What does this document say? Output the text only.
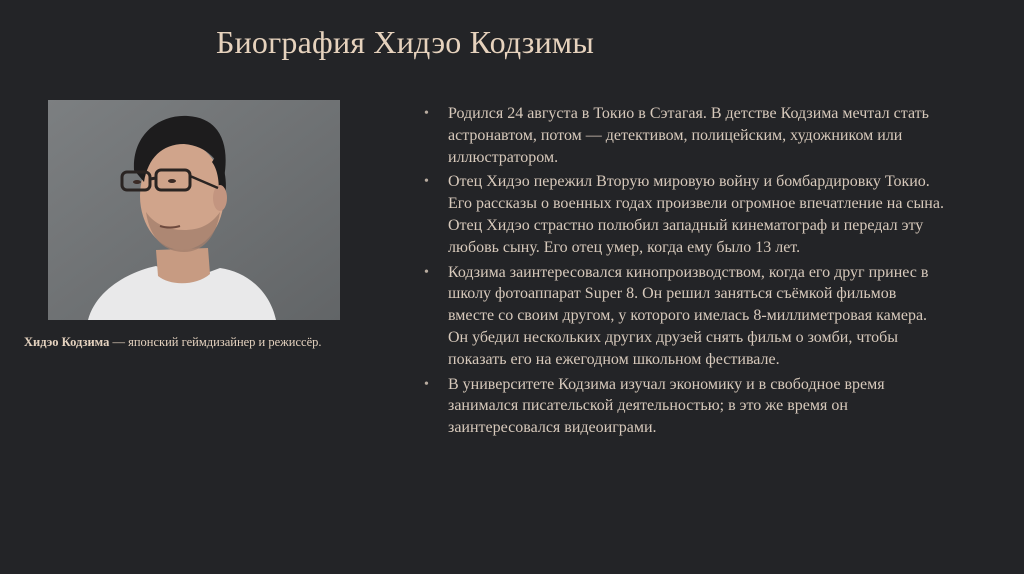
Биография Хидэо Кодзимы
Хидэо Кодзима — японский геймдизайнер и режиссёр.
• Родился 24 августа в Токио в Сэтагая. В детстве Кодзима мечтал стать астронавтом, потом — детективом, полицейским, художником или иллюстратором.
• Отец Хидэо пережил Вторую мировую войну и бомбардировку Токио. Его рассказы о военных годах произвели огромное впечатление на сына. Отец Хидэо страстно полюбил западный кинематограф и передал эту любовь сыну. Его отец умер, когда ему было 13 лет.
• Кодзима заинтересовался кинопроизводством, когда его друг принес в школу фотоаппарат Super 8. Он решил заняться съёмкой фильмов вместе со своим другом, у которого имелась 8-миллиметровая камера. Он убедил нескольких других друзей снять фильм о зомби, чтобы показать его на ежегодном школьном фестивале.
• В университете Кодзима изучал экономику и в свободное время занимался писательской деятельностью; в это же время он заинтересовался видеоиграми.
